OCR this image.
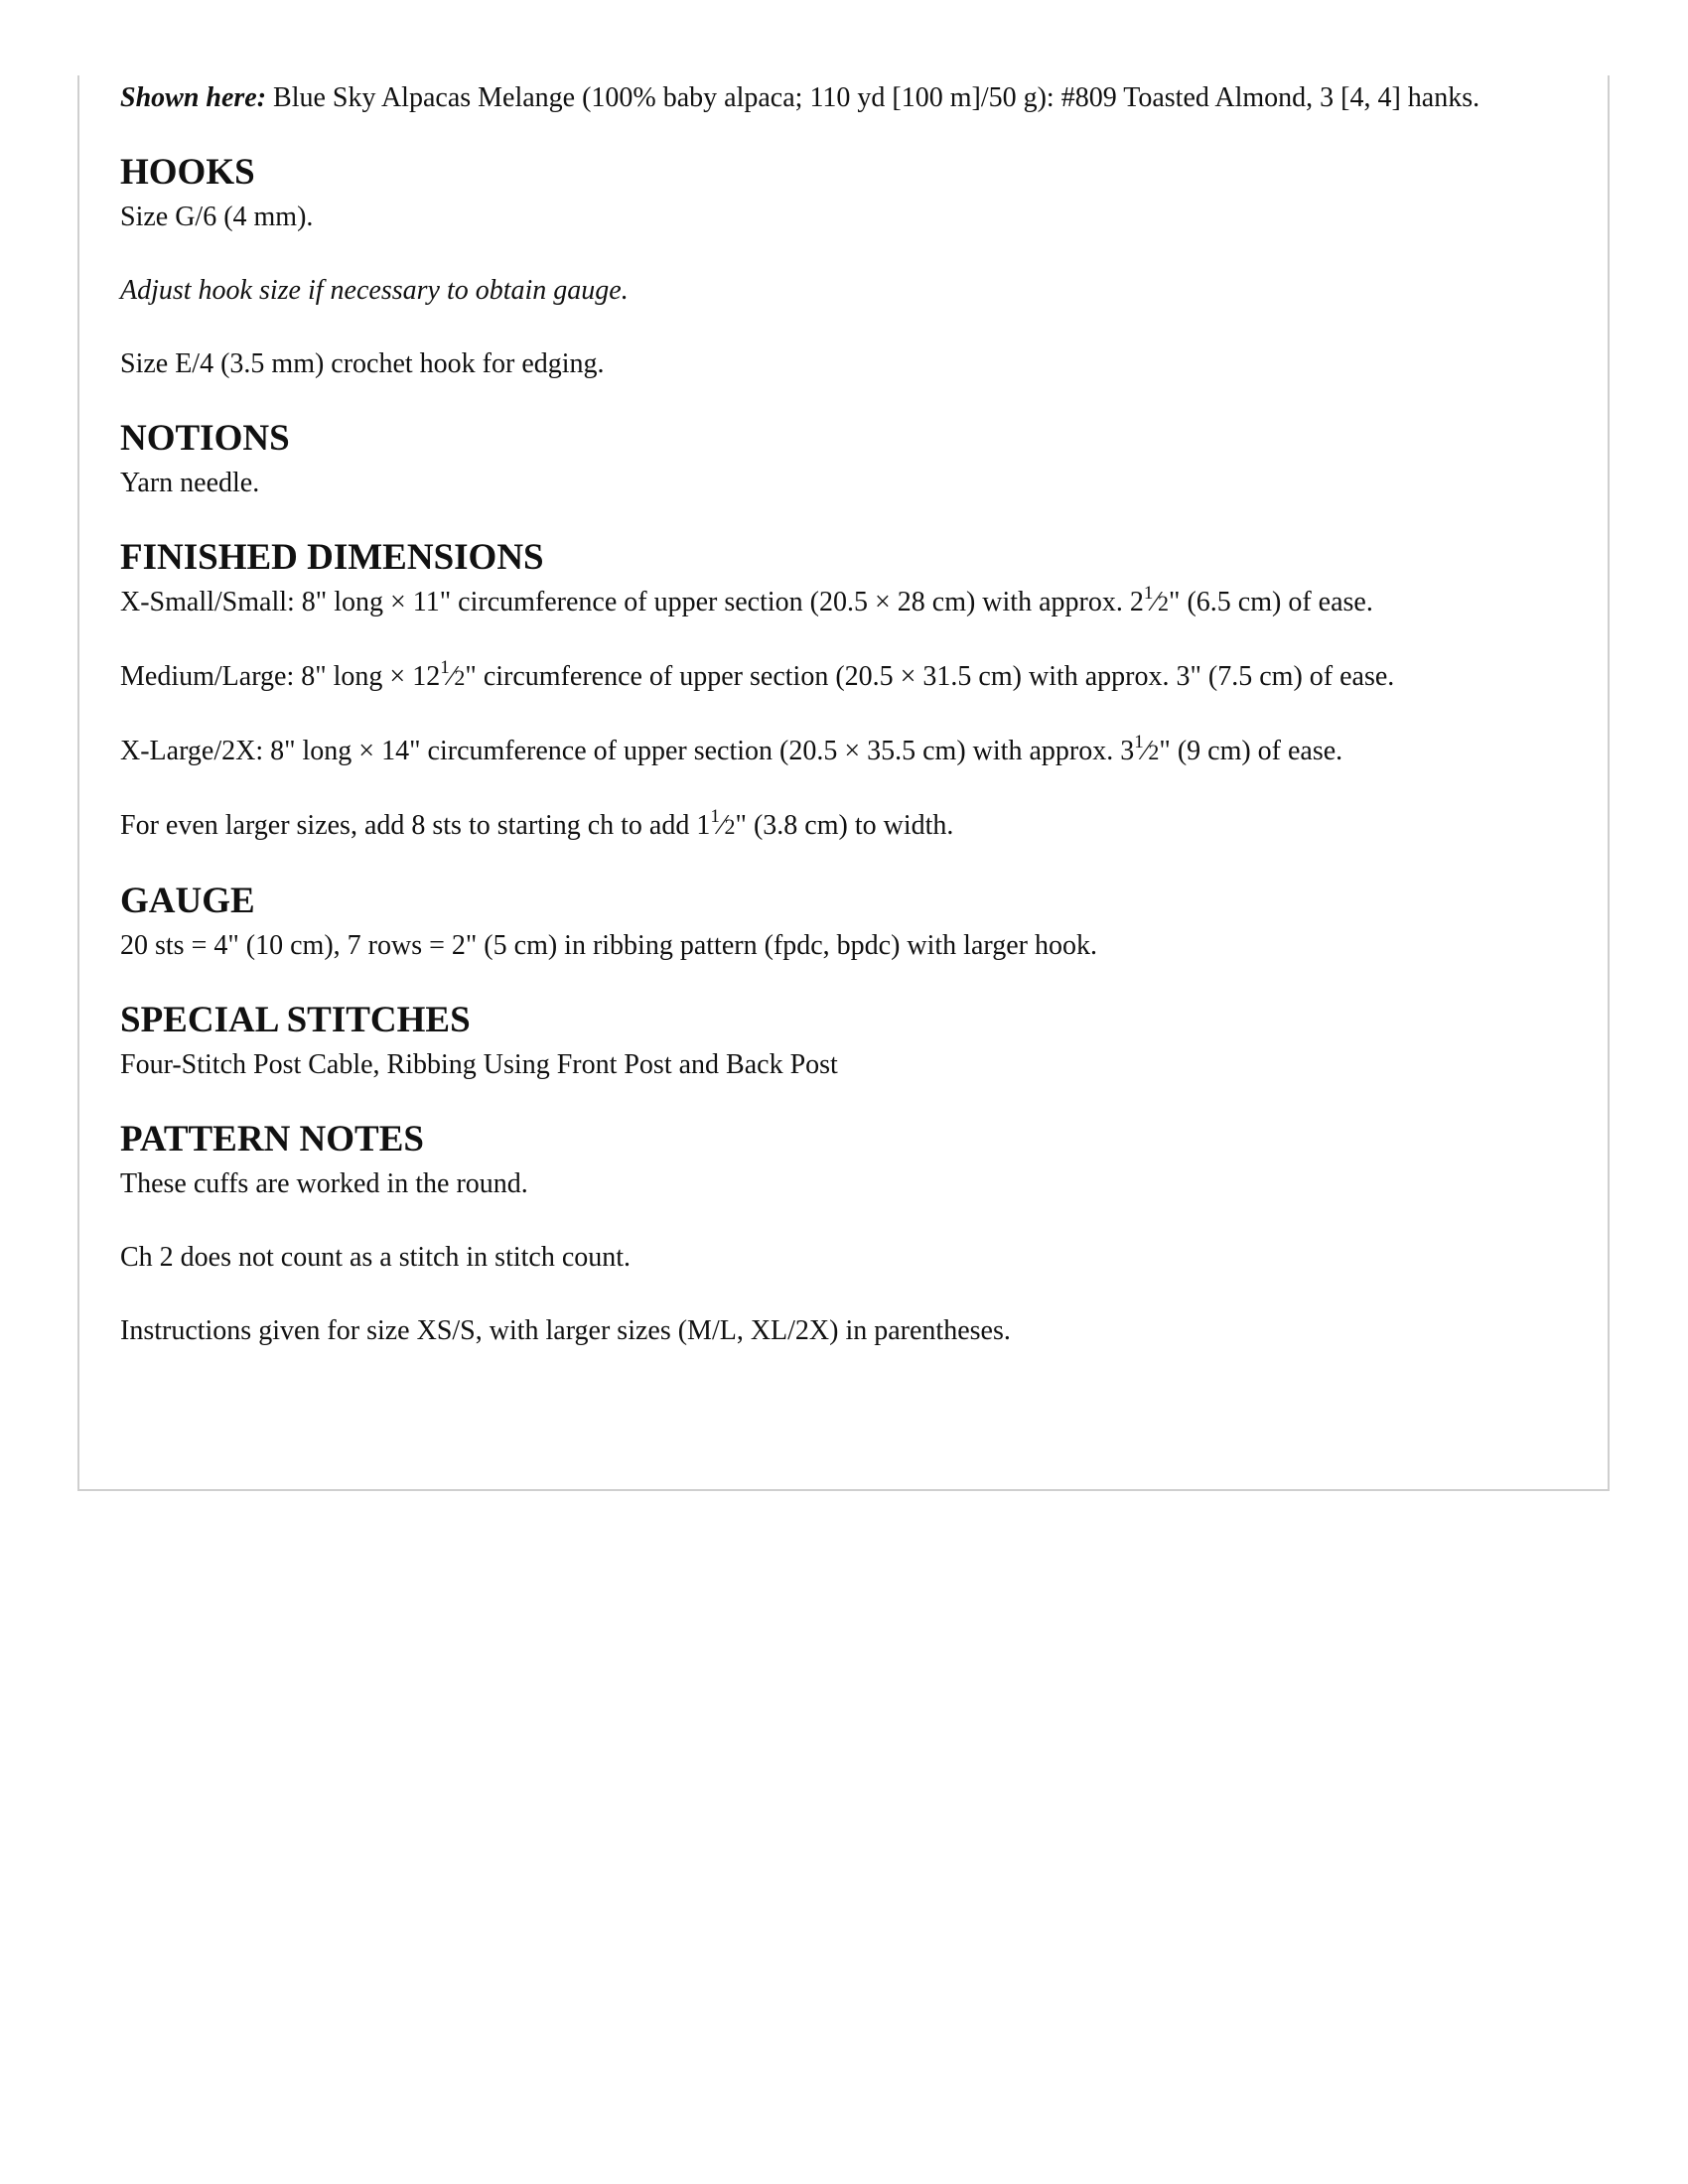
Shown here: Blue Sky Alpacas Melange (100% baby alpaca; 110 yd [100 m]/50 g): #809 Toasted Almond, 3 [4, 4] hanks.

HOOKS

Size G/6 (4 mm).

Adjust hook size if necessary to obtain gauge.

Size E/4 (3.5 mm) crochet hook for edging.

NOTIONS

Yarn needle.

FINISHED DIMENSIONS

X-Small/Small: 8" long × 11" circumference of upper section (20.5 × 28 cm) with approx. $2^1⁄2$" (6.5 cm) of ease.

Medium/Large: 8" long × $12^1⁄2$" circumference of upper section (20.5 × 31.5 cm) with approx. 3" (7.5 cm) of ease.

X-Large/2X: 8" long × 14" circumference of upper section (20.5 × 35.5 cm) with approx. $3^1⁄2$" (9 cm) of ease.

For even larger sizes, add 8 sts to starting ch to add $1^1⁄2$" (3.8 cm) to width.

GAUGE

20 sts = 4" (10 cm), 7 rows = 2" (5 cm) in ribbing pattern (fpdc, bpdc) with larger hook.

SPECIAL STITCHES

Four-Stitch Post Cable, Ribbing Using Front Post and Back Post

PATTERN NOTES

These cuffs are worked in the round.

Ch 2 does not count as a stitch in stitch count.

Instructions given for size XS/S, with larger sizes (M/L, XL/2X) in parentheses.
